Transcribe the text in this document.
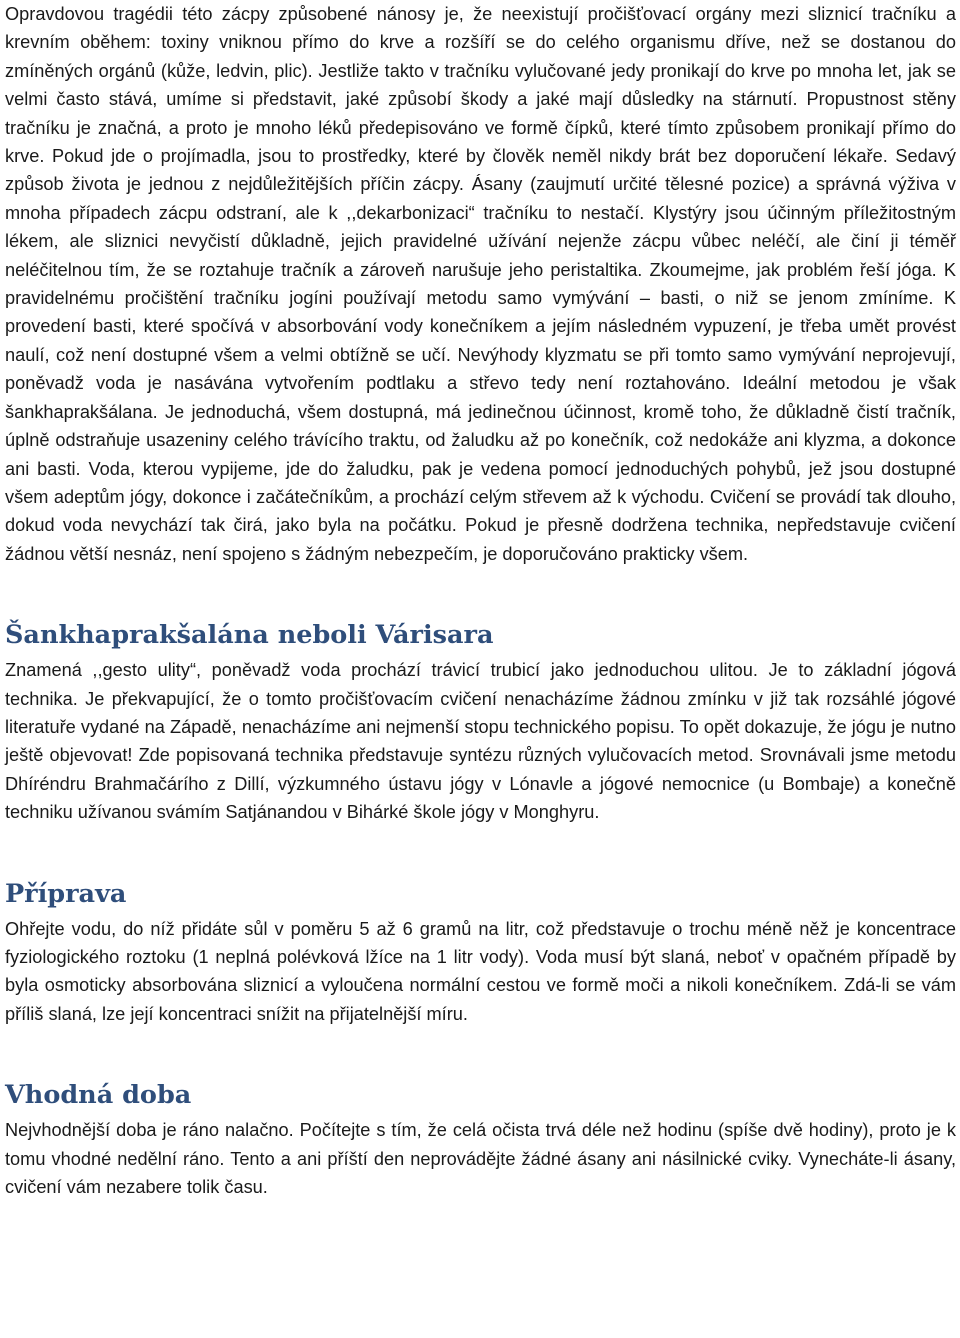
Opravdovou tragédii této zácpy způsobené nánosy je, že neexistují pročišťovací orgány mezi sliznicí tračníku a krevním oběhem: toxiny vniknou přímo do krve a rozšíří se do celého organismu dříve, než se dostanou do zmíněných orgánů (kůže, ledvin, plic). Jestliže takto v tračníku vylučované jedy pronikají do krve po mnoha let, jak se velmi často stává, umíme si představit, jaké způsobí škody a jaké mají důsledky na stárnutí. Propustnost stěny tračníku je značná, a proto je mnoho léků předepisováno ve formě čípků, které tímto způsobem pronikají přímo do krve. Pokud jde o projímadla, jsou to prostředky, které by člověk neměl nikdy brát bez doporučení lékaře. Sedavý způsob života je jednou z nejdůležitějších příčin zácpy. Ásany (zaujmutí určité tělesné pozice) a správná výživa v mnoha případech zácpu odstraní, ale k ,,dekarbonizaci“ tračníku to nestačí. Klystýry jsou účinným příležitostným lékem, ale sliznici nevyčistí důkladně, jejich pravidelné užívání nejenže zácpu vůbec neléčí, ale činí ji téměř neléčitelnou tím, že se roztahuje tračník a zároveň narušuje jeho peristaltika. Zkoumejme, jak problém řeší jóga. K pravidelnému pročištění tračníku jogíni používají metodu samo vymývání – basti, o niž se jenom zmíníme. K provedení basti, které spočívá v absorbování vody konečníkem a jejím následném vypuzení, je třeba umět provést naulí, což není dostupné všem a velmi obtížně se učí. Nevýhody klyzmatu se při tomto samo vymývání neprojevují, poněvadž voda je nasávána vytvořením podtlaku a střevo tedy není roztahováno. Ideální metodou je však šankhaprakšálana. Je jednoduchá, všem dostupná, má jedinečnou účinnost, kromě toho, že důkladně čistí tračník, úplně odstraňuje usazeniny celého trávícího traktu, od žaludku až po konečník, což nedokáže ani klyzma, a dokonce ani basti. Voda, kterou vypijeme, jde do žaludku, pak je vedena pomocí jednoduchých pohybů, jež jsou dostupné všem adeptům jógy, dokonce i začátečníkům, a prochází celým střevem až k východu. Cvičení se provádí tak dlouho, dokud voda nevychází tak čirá, jako byla na počátku. Pokud je přesně dodržena technika, nepředstavuje cvičení žádnou větší nesnáz, není spojeno s žádným nebezpečím, je doporučováno prakticky všem.

Šankhaprakšalána neboli Várisara

Znamená ,,gesto ulity“, poněvadž voda prochází trávicí trubicí jako jednoduchou ulitou. Je to základní jógová technika. Je překvapující, že o tomto pročišťovacím cvičení nenacházíme žádnou zmínku v již tak rozsáhlé jógové literatuře vydané na Západě, nenacházíme ani nejmenší stopu technického popisu. To opět dokazuje, že jógu je nutno ještě objevovat! Zde popisovaná technika představuje syntézu různých vylučovacích metod. Srovnávali jsme metodu Dhíréndru Brahmačárího z Dillí, výzkumného ústavu jógy v Lónavle a jógové nemocnice (u Bombaje) a konečně techniku užívanou svámím Satjánandou v Bihárké škole jógy v Monghyru.

Příprava

Ohřejte vodu, do níž přidáte sůl v poměru 5 až 6 gramů na litr, což představuje o trochu méně něž je koncentrace fyziologického roztoku (1 neplná polévková lžíce na 1 litr vody). Voda musí být slaná, neboť v opačném případě by byla osmoticky absorbována sliznicí a vyloučena normální cestou ve formě moči a nikoli konečníkem. Zdá-li se vám příliš slaná, lze její koncentraci snížit na přijatelnější míru.

Vhodná doba

Nejvhodnější doba je ráno nalačno. Počítejte s tím, že celá očista trvá déle než hodinu (spíše dvě hodiny), proto je k tomu vhodné nedělní ráno. Tento a ani příští den neprovádějte žádné ásany ani násilnické cviky. Vynecháte-li ásany, cvičení vám nezabere tolik času.
